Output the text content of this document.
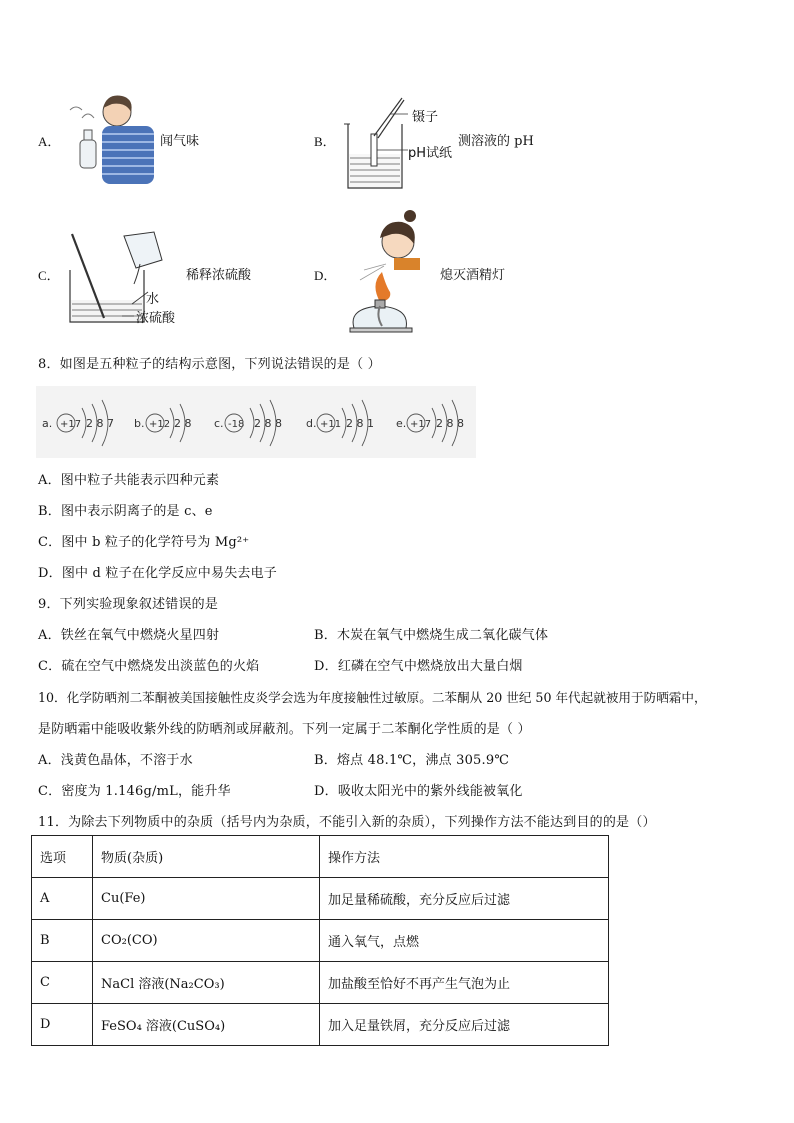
A．	闻气味	B．
镊子
pH试纸
测溶液的 pH
C．
水
浓硫酸
稀释浓硫酸	D．	熄灭酒精灯
8．如图是五种粒子的结构示意图，下列说法错误的是（ ）
a. +17 2 8 7 b. +12 2 8 c. -18 2 8 8 d. +11 2 8 1 e. +17 2 8 8
A．图中粒子共能表示四种元素
B．图中表示阴离子的是 c、e
C．图中 b 粒子的化学符号为 Mg²⁺
D．图中 d 粒子在化学反应中易失去电子
9．下列实验现象叙述错误的是
A．铁丝在氧气中燃烧火星四射	B．木炭在氧气中燃烧生成二氧化碳气体
C．硫在空气中燃烧发出淡蓝色的火焰	D．红磷在空气中燃烧放出大量白烟
10．化学防晒剂二苯酮被美国接触性皮炎学会选为年度接触性过敏原。二苯酮从 20 世纪 50 年代起就被用于防晒霜中，
是防晒霜中能吸收紫外线的防晒剂或屏蔽剂。下列一定属于二苯酮化学性质的是（ ）
A．浅黄色晶体，不溶于水	B．熔点 48.1℃，沸点 305.9℃
C．密度为 1.146g/mL，能升华	D．吸收太阳光中的紫外线能被氧化
11．为除去下列物质中的杂质（括号内为杂质，不能引入新的杂质），下列操作方法不能达到目的的是（）
选项	物质(杂质)	操作方法
A	Cu(Fe)	加足量稀硫酸，充分反应后过滤
B	CO₂(CO)	通入氧气，点燃
C	NaCl 溶液(Na₂CO₃)	加盐酸至恰好不再产生气泡为止
D	FeSO₄ 溶液(CuSO₄)	加入足量铁屑，充分反应后过滤
